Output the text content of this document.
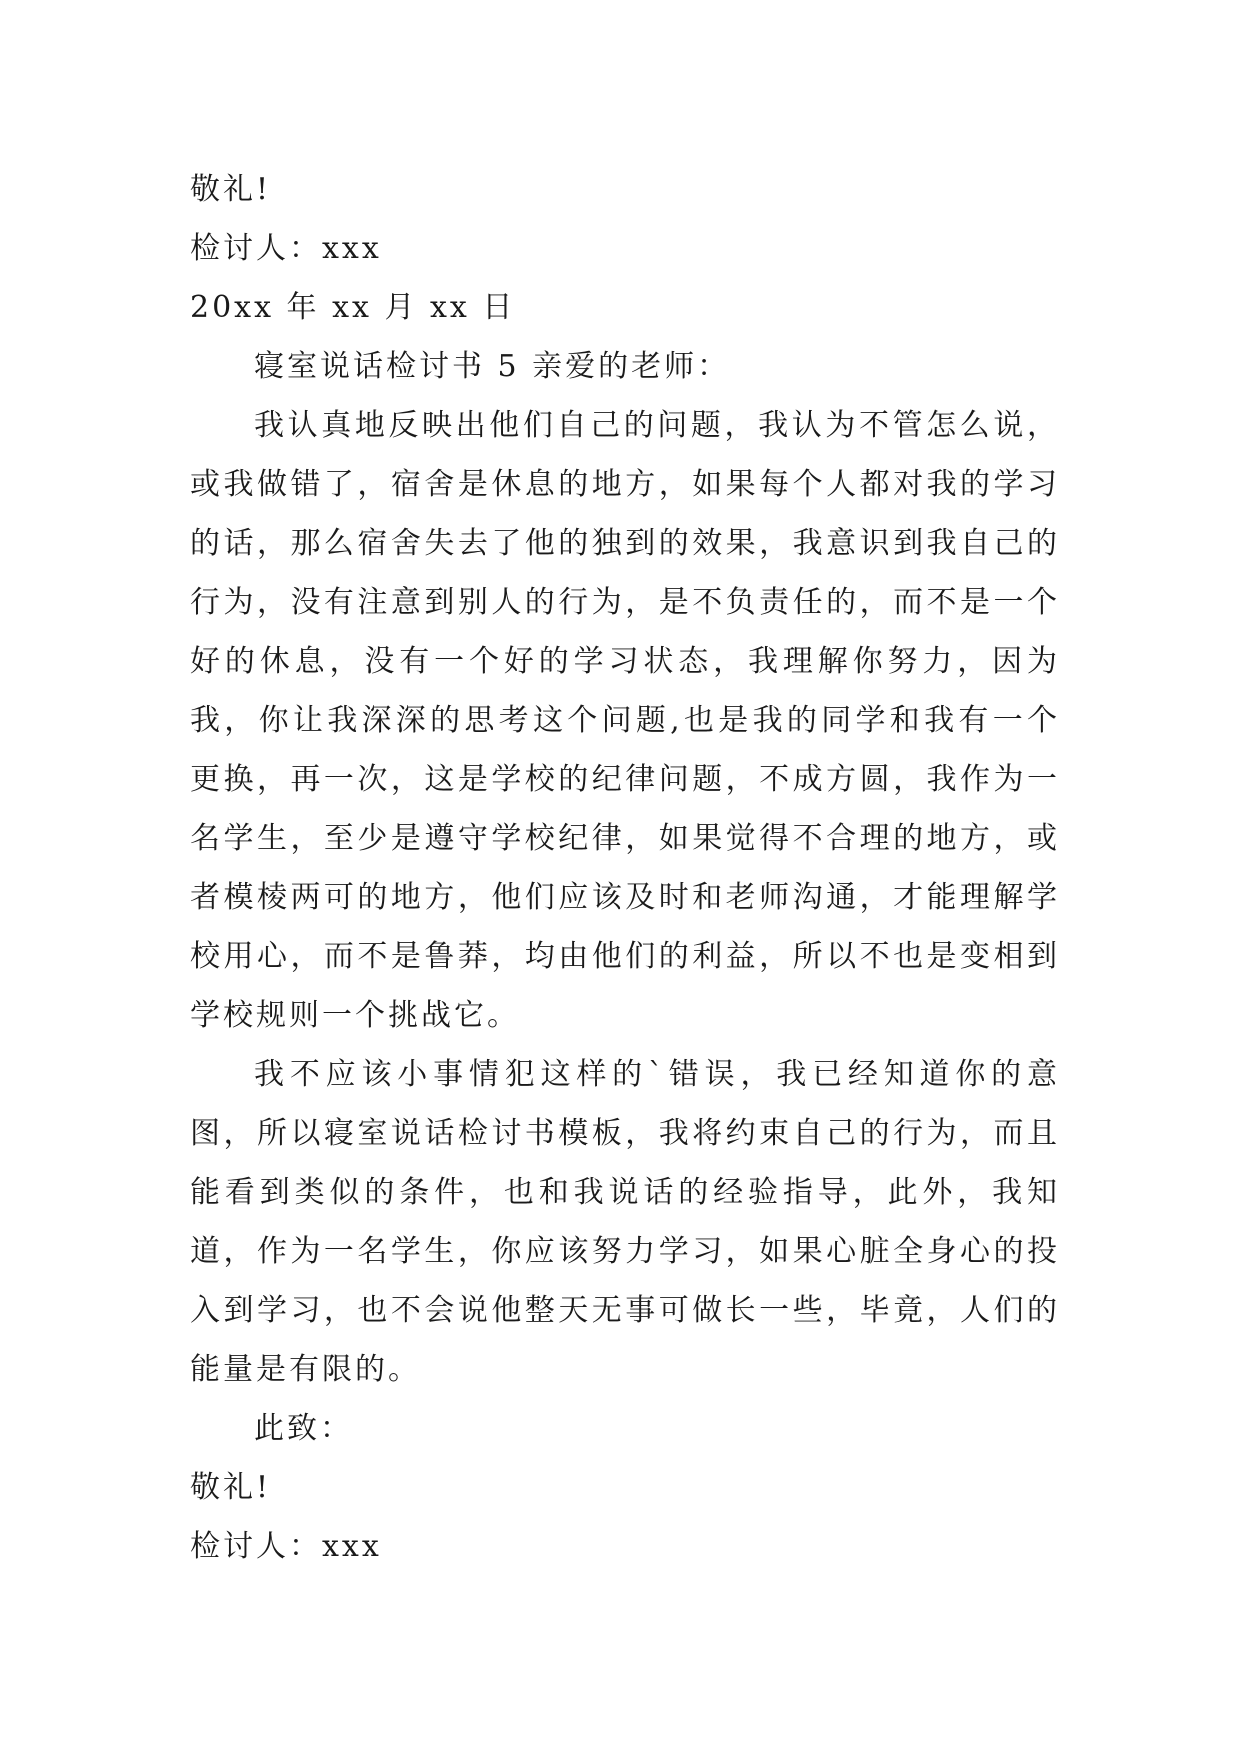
敬礼!

检讨人：xxx

20xx 年 xx 月 xx 日

寝室说话检讨书 5 亲爱的老师：

我认真地反映出他们自己的问题，我认为不管怎么说，或我做错了，宿舍是休息的地方，如果每个人都对我的学习的话，那么宿舍失去了他的独到的效果，我意识到我自己的行为，没有注意到别人的行为，是不负责任的，而不是一个好的休息，没有一个好的学习状态，我理解你努力，因为我，你让我深深的思考这个问题,也是我的同学和我有一个更换，再一次，这是学校的纪律问题，不成方圆，我作为一名学生，至少是遵守学校纪律，如果觉得不合理的地方，或者模棱两可的地方，他们应该及时和老师沟通，才能理解学校用心，而不是鲁莽，均由他们的利益，所以不也是变相到学校规则一个挑战它。

我不应该小事情犯这样的`错误，我已经知道你的意图，所以寝室说话检讨书模板，我将约束自己的行为，而且能看到类似的条件，也和我说话的经验指导，此外，我知道，作为一名学生，你应该努力学习，如果心脏全身心的投入到学习，也不会说他整天无事可做长一些，毕竟，人们的能量是有限的。

此致：

敬礼!

检讨人：xxx
